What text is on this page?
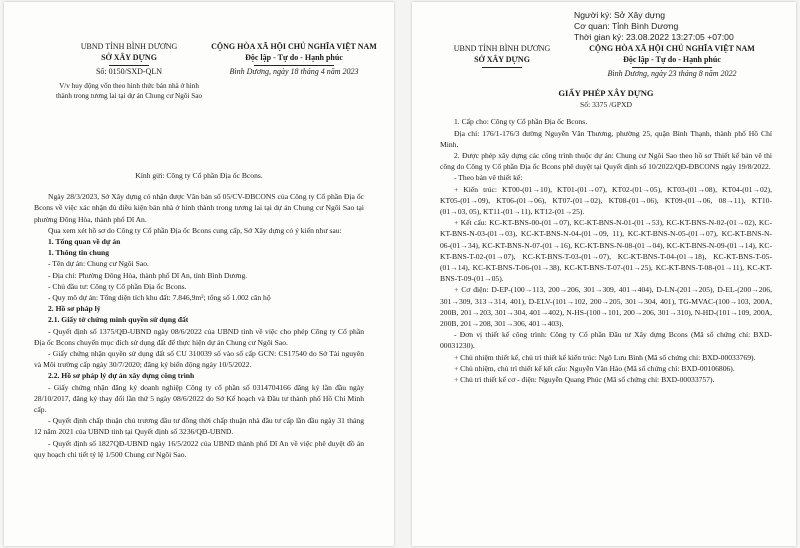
UBND TỈNH BÌNH DƯƠNG
SỞ XÂY DỰNG
Số: 0150/SXD-QLN
V/v huy động vốn theo hình thức bán nhà ở hình thành trong tương lai tại dự án Chung cư Ngôi Sao
CỘNG HÒA XÃ HỘI CHỦ NGHĨA VIỆT NAM
Độc lập - Tự do - Hạnh phúc
Bình Dương, ngày 18 tháng 4 năm 2023

Kính gửi: Công ty Cổ phần Địa ốc Bcons.

Ngày 28/3/2023, Sở Xây dựng có nhận được Văn bản số 05/CV-ĐBCONS của Công ty Cổ phần Địa ốc Bcons về việc xác nhận đủ điều kiện bán nhà ở hình thành trong tương lai tại dự án Chung cư Ngôi Sao tại phường Đông Hòa, thành phố Dĩ An.

Qua xem xét hồ sơ do Công ty Cổ phần Địa ốc Bcons cung cấp, Sở Xây dựng có ý kiến như sau:

1. Tổng quan về dự án

1. Thông tin chung

- Tên dự án: Chung cư Ngôi Sao.

- Địa chỉ: Phường Đông Hòa, thành phố Dĩ An, tỉnh Bình Dương.

- Chủ đầu tư: Công ty Cổ phần Địa ốc Bcons.

- Quy mô dự án: Tổng diện tích khu đất: 7.846,9m²; tổng số 1.002 căn hộ

2. Hồ sơ pháp lý

2.1. Giấy tờ chứng minh quyền sử dụng đất

- Quyết định số 1375/QĐ-UBND ngày 08/6/2022 của UBND tỉnh về việc cho phép Công ty Cổ phần Địa ốc Bcons chuyển mục đích sử dụng đất để thực hiện dự án Chung cư Ngôi Sao.

- Giấy chứng nhận quyền sử dụng đất số CU 310039 số vào sổ cấp GCN: CS17540 do Sở Tài nguyên và Môi trường cấp ngày 30/7/2020; đăng ký biến động ngày 10/5/2022.

2.2. Hồ sơ pháp lý dự án xây dựng công trình

- Giấy chứng nhận đăng ký doanh nghiệp Công ty cổ phần số 0314704166 đăng ký lần đầu ngày 28/10/2017, đăng ký thay đổi lần thứ 5 ngày 08/6/2022 do Sở Kế hoạch và Đầu tư thành phố Hồ Chí Minh cấp.

- Quyết định chấp thuận chủ trương đầu tư đồng thời chấp thuận nhà đầu tư cấp lần đầu ngày 31 tháng 12 năm 2021 của UBND tỉnh tại Quyết định số 3236/QĐ-UBND.

- Quyết định số 1827QĐ-UBND ngày 16/5/2022 của UBND thành phố Dĩ An về việc phê duyệt đồ án quy hoạch chi tiết tỷ lệ 1/500 Chung cư Ngôi Sao.

Người ký: Sở Xây dựng
Cơ quan: Tỉnh Bình Dương
Thời gian ký: 23.08.2022 13:27:05 +07:00
UBND TỈNH BÌNH DƯƠNG
SỞ XÂY DỰNG
CỘNG HÒA XÃ HỘI CHỦ NGHĨA VIỆT NAM
Độc lập - Tự do - Hạnh phúc
Bình Dương, ngày 23 tháng 8 năm 2022

GIẤY PHÉP XÂY DỰNG

Số: 3375 /GPXD

1. Cấp cho: Công ty Cổ phần Địa ốc Bcons.

Địa chỉ: 176/1-176/3 đường Nguyễn Văn Thương, phường 25, quận Bình Thạnh, thành phố Hồ Chí Minh.

2. Được phép xây dựng các công trình thuộc dự án: Chung cư Ngôi Sao theo hồ sơ Thiết kế bản vẽ thi công do Công ty Cổ phần Địa ốc Bcons phê duyệt tại Quyết định số 10/2022/QĐ-ĐBCONS ngày 19/8/2022.

- Theo bản vẽ thiết kế:

+ Kiến trúc: KT00-(01→10), KT01-(01→07), KT02-(01→05), KT03-(01→08), KT04-(01→02), KT05-(01→09), KT06-(01→06), KT07-(01→02), KT08-(01→06), KT09-(01→06, 08→11), KT10-(01→03, 05), KT11-(01→11), KT12-(01→25).

+ Kết cấu: KC-KT-BNS-00-(01→07), KC-KT-BNS-N-01-(01→53), KC-KT-BNS-N-02-(01→02), KC-KT-BNS-N-03-(01→03), KC-KT-BNS-N-04-(01→09, 11), KC-KT-BNS-N-05-(01→07), KC-KT-BNS-N-06-(01→34), KC-KT-BNS-N-07-(01→16), KC-KT-BNS-N-08-(01→04), KC-KT-BNS-N-09-(01→14), KC-KT-BNS-T-02-(01→07), KC-KT-BNS-T-03-(01→07), KC-KT-BNS-T-04-(01→18), KC-KT-BNS-T-05-(01→14), KC-KT-BNS-T-06-(01→38), KC-KT-BNS-T-07-(01→25), KC-KT-BNS-T-08-(01→11), KC-KT-BNS-T-09-(01→05).

+ Cơ điện: D-EP-(100→113, 200→206, 301→309, 401→404), D-LN-(201→205), D-EL-(200→206, 301→309, 313→314, 401), D-ELV-(101→102, 200→205, 301→304, 401), TG-MVAC-(100→103, 200A, 200B, 201→203, 301→304, 401→402), N-HS-(100→101, 200→206, 301→310), N-HD-(101→109, 200A, 200B, 201→208, 301→306, 401→403).

- Đơn vị thiết kế công trình: Công ty Cổ phần Đầu tư Xây dựng Bcons (Mã số chứng chỉ: BXD-00031230).

+ Chủ nhiệm thiết kế, chủ trì thiết kế kiến trúc: Ngô Lưu Bình (Mã số chứng chỉ: BXD-00033769).

+ Chủ nhiệm, chủ trì thiết kế kết cấu: Nguyễn Văn Hào (Mã số chứng chỉ: BXD-00106806).

+ Chủ trì thiết kế cơ - điện: Nguyễn Quang Phúc (Mã số chứng chỉ: BXD-00033757).
